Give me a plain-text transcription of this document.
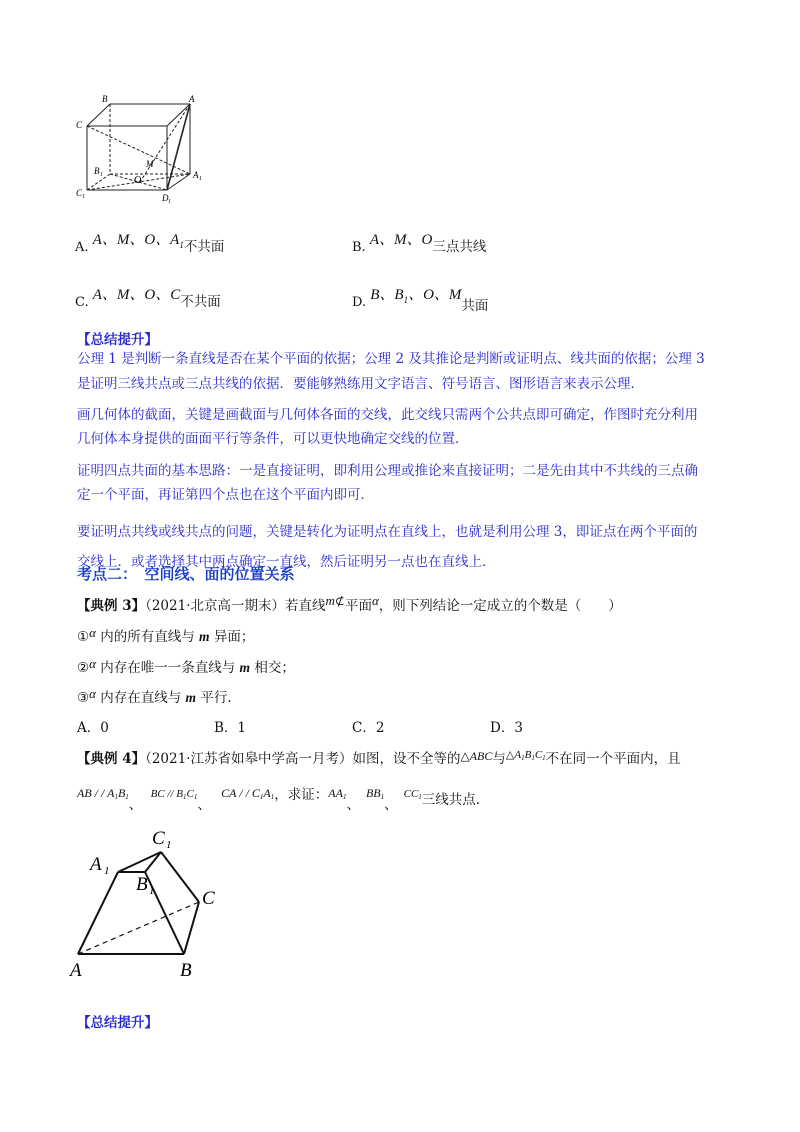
B	A
C
M
O
B 1	A 1
C 1	D 1
A. A、M、O、$A^1$不共面	B. A、M、O三点共线
C. A、M、O、C不共面	D. B、$B^1$、O、M共面
【总结提升】
公理 1 是判断一条直线是否在某个平面的依据；公理 2 及其推论是判断或证明点、线共面的依据；公理 3
是证明三线共点或三点共线的依据．要能够熟练用文字语言、符号语言、图形语言来表示公理．
画几何体的截面，关键是画截面与几何体各面的交线，此交线只需两个公共点即可确定，作图时充分利用
几何体本身提供的面面平行等条件，可以更快地确定交线的位置．
证明四点共面的基本思路：一是直接证明，即利用公理或推论来直接证明；二是先由其中不共线的三点确
定一个平面，再证第四个点也在这个平面内即可．
要证明点共线或线共点的问题，关键是转化为证明点在直线上，也就是利用公理 3，即证点在两个平面的
交线上．或者选择其中两点确定一直线，然后证明另一点也在直线上．
考点二：　空间线、面的位置关系
【典例 3】（2021·北京高一期末）若直线m⊄平面α，则下列结论一定成立的个数是（　　）
①α 内的所有直线与 m 异面；
②α 内存在唯一一条直线与 m 相交；
③α 内存在直线与 m 平行．
A．0	B．1	C．2	D．3
【典例 4】（2021·江苏省如皋中学高一月考）如图，设不全等的△ABC与$^{\triangle A1B1C1}$不在同一个平面内，且
AB / / A1B1、 BC // B1C1、 CA / / C1A1，求证：AA1、BB1、CC1三线共点．
C 1
A 1
B 1	C
A	B
【总结提升】
